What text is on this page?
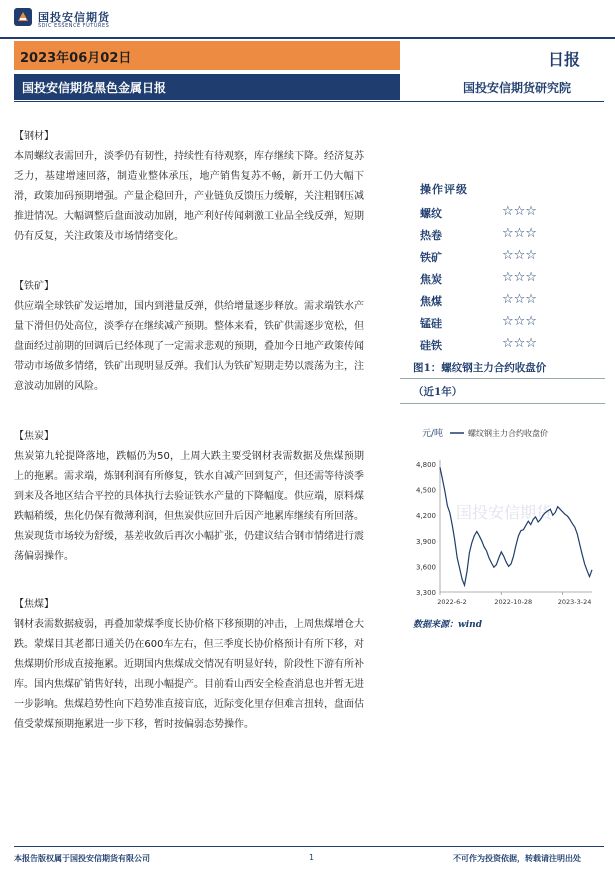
国投安信期货
SDIC ESSENCE FUTURES
2023年06月02日	日报
国投安信期货黑色金属日报	国投安信期货研究院
【钢材】
本周螺纹表需回升，淡季仍有韧性，持续性有待观察，库存继续下降。经济复苏乏力，基建增速回落，制造业整体承压，地产销售复苏不畅，新开工仍大幅下滑，政策加码预期增强。产量企稳回升，产业链负反馈压力缓解，关注粗钢压减推进情况。大幅调整后盘面波动加剧，地产利好传闻刺激工业品全线反弹，短期仍有反复，关注政策及市场情绪变化。
【铁矿】
供应端全球铁矿发运增加，国内到港量反弹，供给增量逐步释放。需求端铁水产量下滑但仍处高位，淡季存在继续减产预期。整体来看，铁矿供需逐步宽松，但盘面经过前期的回调后已经体现了一定需求悲观的预期，叠加今日地产政策传闻带动市场做多情绪，铁矿出现明显反弹。我们认为铁矿短期走势以震荡为主，注意波动加剧的风险。
【焦炭】
焦炭第九轮提降落地，跌幅仍为50，上周大跌主要受钢材表需数据及焦煤预期上的拖累。需求端，炼钢利润有所修复，铁水自减产回到复产，但还需等待淡季到来及各地区结合平控的具体执行去验证铁水产量的下降幅度。供应端，原料煤跌幅稍缓，焦化仍保有微薄利润，但焦炭供应回升后因产地累库继续有所回落。焦炭现货市场较为舒缓，基差收敛后再次小幅扩张，仍建议结合钢市情绪进行震荡偏弱操作。
【焦煤】
钢材表需数据疲弱，再叠加蒙煤季度长协价格下移预期的冲击，上周焦煤增仓大跌。蒙煤目其老都日通关仍在600车左右，但三季度长协价格预计有所下移，对焦煤期价形成直接拖累。近期国内焦煤成交情况有明显好转，阶段性下游有所补库。国内焦煤矿销售好转，出现小幅提产。目前看山西安全检查消息也并暂无进一步影响。焦煤趋势性向下趋势准直接盲底，近际变化里存但难言扭转，盘面估值受蒙煤预期拖累进一步下移，暂时按偏弱态势操作。
操作评级
螺纹	☆☆☆
热卷	☆☆☆
铁矿	☆☆☆
焦炭	☆☆☆
焦煤	☆☆☆
锰硅	☆☆☆
硅铁	☆☆☆
图1：螺纹钢主力合约收盘价
（近1年）
国投安信期货
元/吨	螺纹钢主力合约收盘价
4,800
4,500
4,200
3,900
3,600
3,300
2022-6-2	2022-10-28	2023-3-24
数据来源：wind
本报告版权属于国投安信期货有限公司	1	不可作为投资依据，转载请注明出处
